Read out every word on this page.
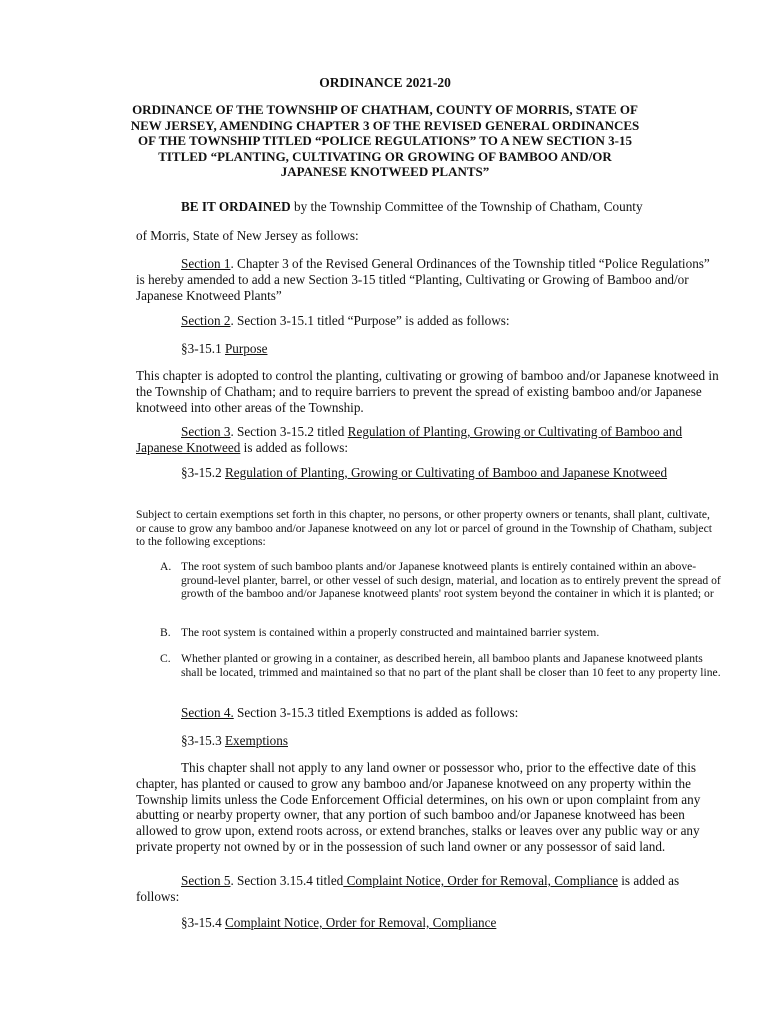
ORDINANCE 2021-20
ORDINANCE OF THE TOWNSHIP OF CHATHAM, COUNTY OF MORRIS, STATE OF NEW JERSEY, AMENDING CHAPTER 3 OF THE REVISED GENERAL ORDINANCES OF THE TOWNSHIP TITLED “POLICE REGULATIONS” TO A NEW SECTION 3-15 TITLED “PLANTING, CULTIVATING OR GROWING OF BAMBOO AND/OR JAPANESE KNOTWEED PLANTS”
BE IT ORDAINED by the Township Committee of the Township of Chatham, County
of Morris, State of New Jersey as follows:
Section 1. Chapter 3 of the Revised General Ordinances of the Township titled “Police Regulations” is hereby amended to add a new Section 3-15 titled “Planting, Cultivating or Growing of Bamboo and/or Japanese Knotweed Plants”
Section 2. Section 3-15.1 titled “Purpose” is added as follows:
§3-15.1 Purpose
This chapter is adopted to control the planting, cultivating or growing of bamboo and/or Japanese knotweed in the Township of Chatham; and to require barriers to prevent the spread of existing bamboo and/or Japanese knotweed into other areas of the Township.
Section 3. Section 3-15.2 titled Regulation of Planting, Growing or Cultivating of Bamboo and Japanese Knotweed is added as follows:
§3-15.2 Regulation of Planting, Growing or Cultivating of Bamboo and Japanese Knotweed
Subject to certain exemptions set forth in this chapter, no persons, or other property owners or tenants, shall plant, cultivate, or cause to grow any bamboo and/or Japanese knotweed on any lot or parcel of ground in the Township of Chatham, subject to the following exceptions:
A. The root system of such bamboo plants and/or Japanese knotweed plants is entirely contained within an above-ground-level planter, barrel, or other vessel of such design, material, and location as to entirely prevent the spread of growth of the bamboo and/or Japanese knotweed plants' root system beyond the container in which it is planted; or
B. The root system is contained within a properly constructed and maintained barrier system.
C. Whether planted or growing in a container, as described herein, all bamboo plants and Japanese knotweed plants shall be located, trimmed and maintained so that no part of the plant shall be closer than 10 feet to any property line.
Section 4. Section 3-15.3 titled Exemptions is added as follows:
§3-15.3 Exemptions
This chapter shall not apply to any land owner or possessor who, prior to the effective date of this chapter, has planted or caused to grow any bamboo and/or Japanese knotweed on any property within the Township limits unless the Code Enforcement Official determines, on his own or upon complaint from any abutting or nearby property owner, that any portion of such bamboo and/or Japanese knotweed has been allowed to grow upon, extend roots across, or extend branches, stalks or leaves over any public way or any private property not owned by or in the possession of such land owner or any possessor of said land.
Section 5. Section 3.15.4 titled Complaint Notice, Order for Removal, Compliance is added as follows:
§3-15.4 Complaint Notice, Order for Removal, Compliance
